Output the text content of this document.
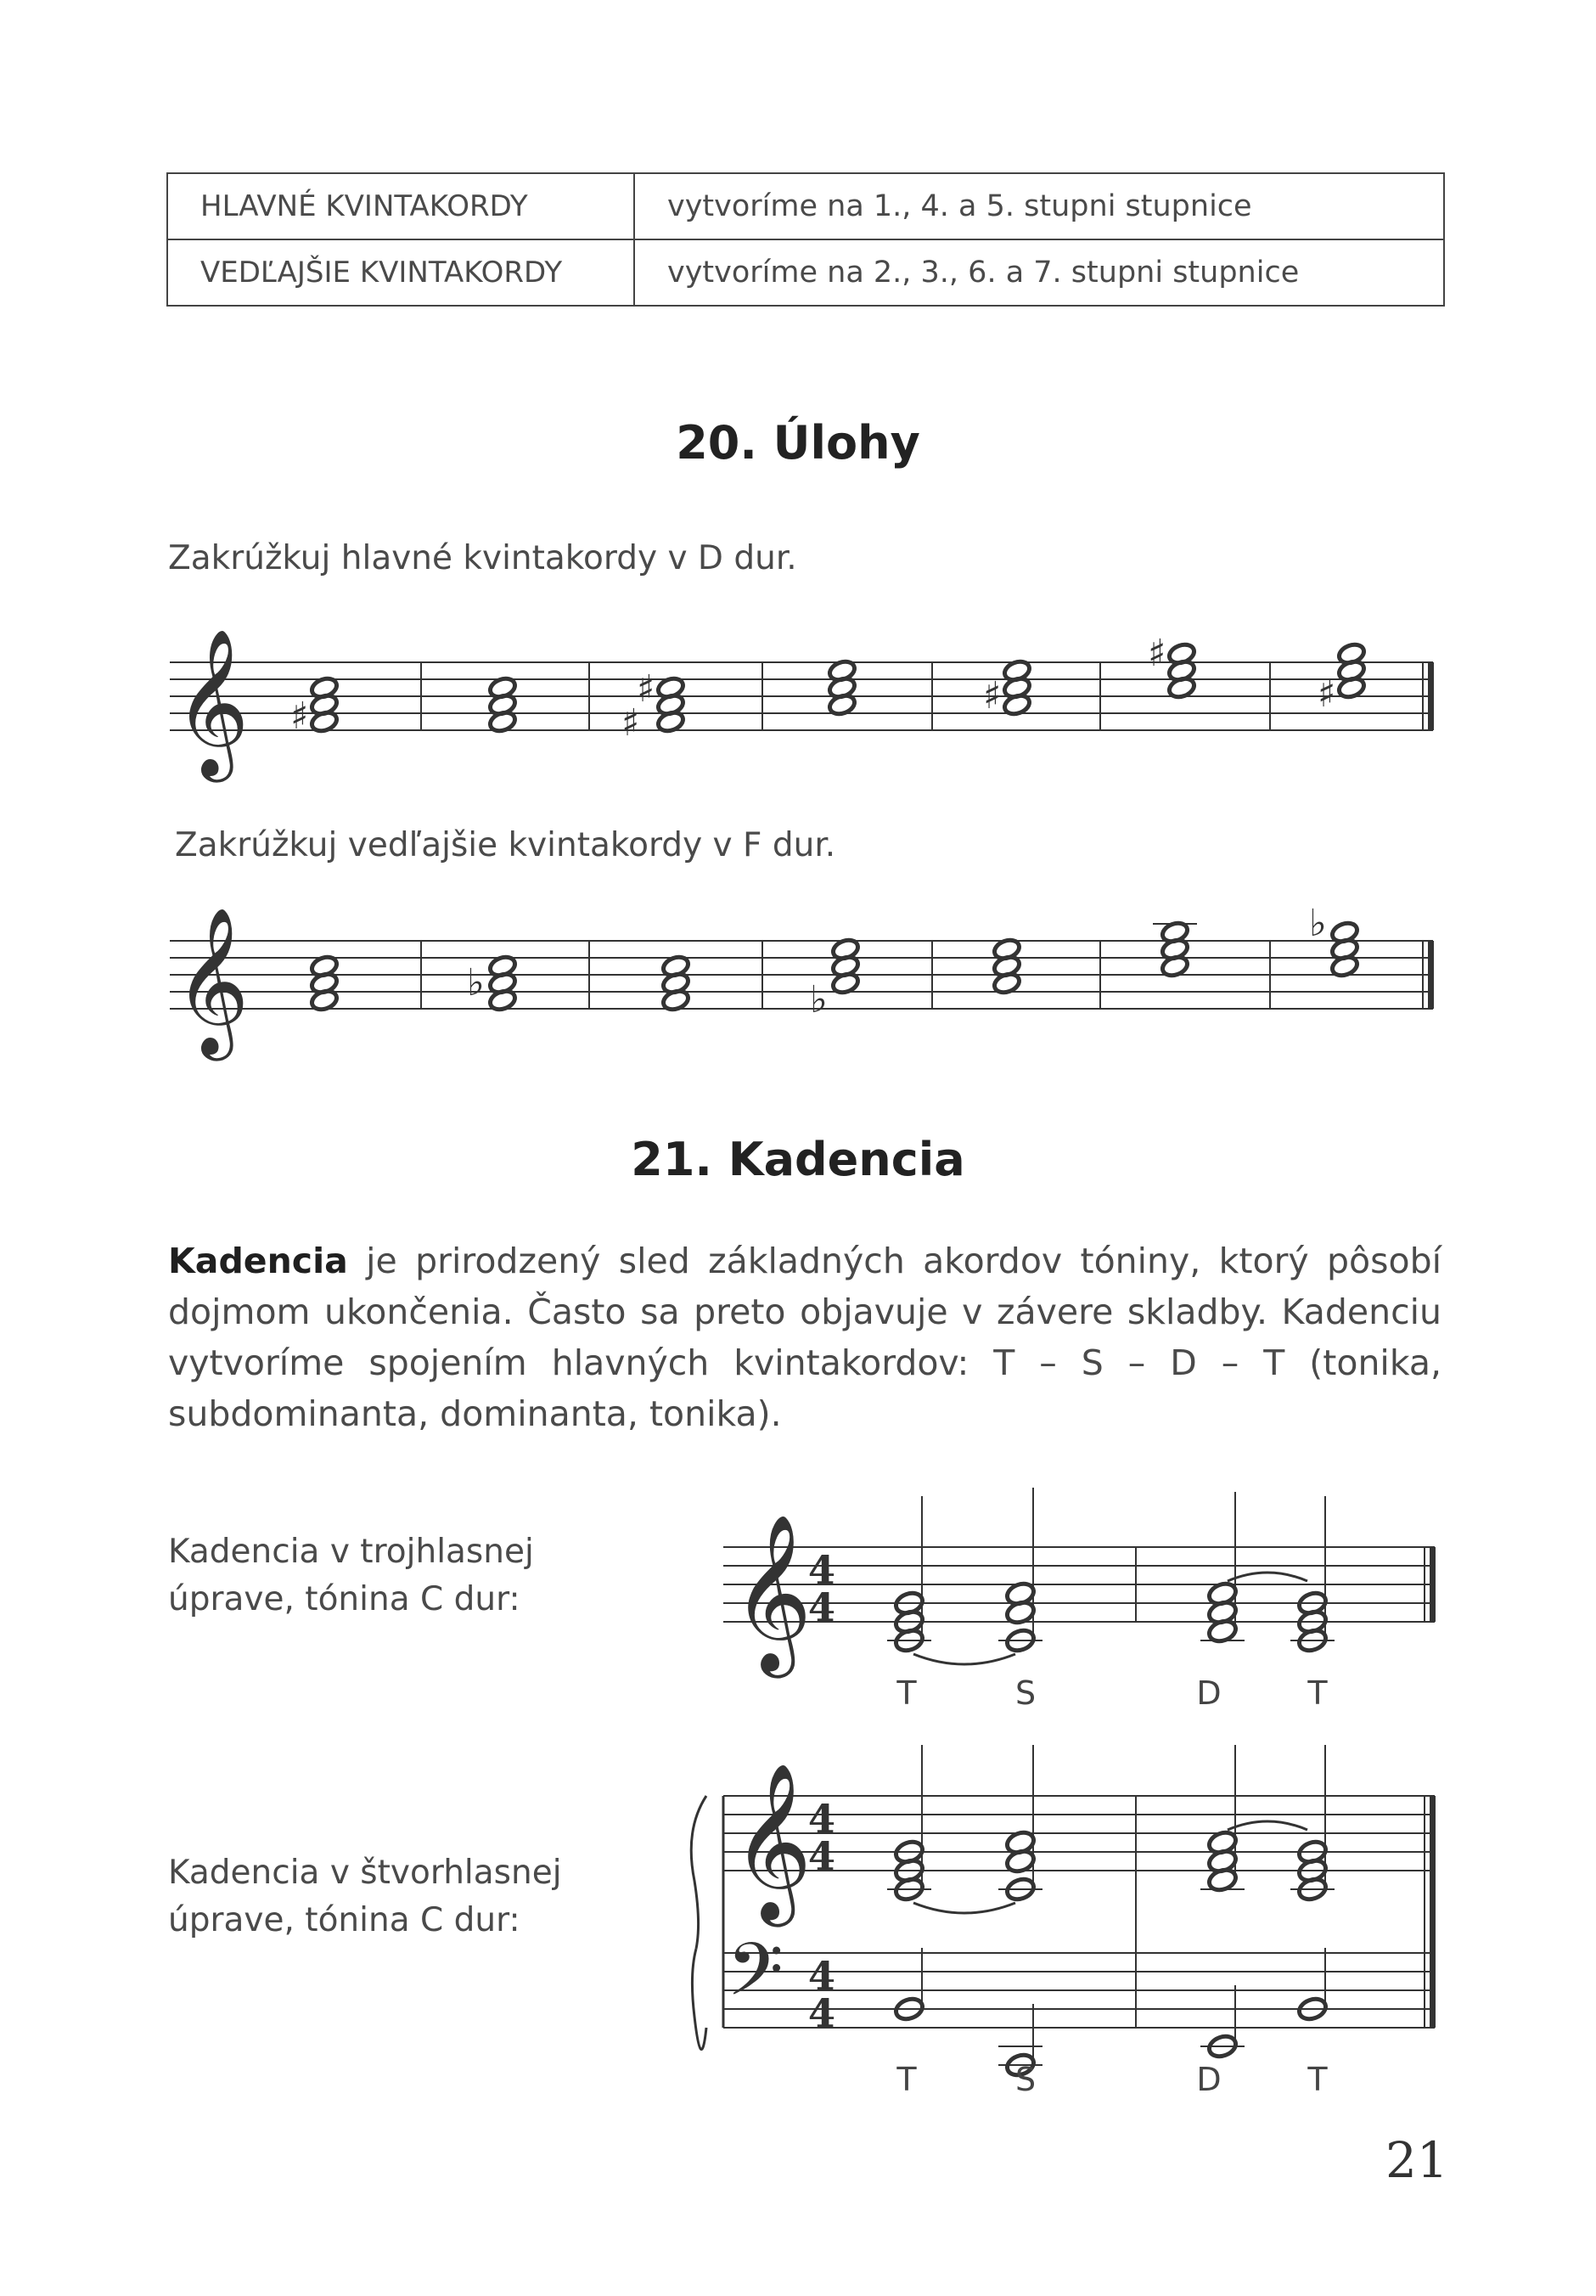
HLAVNÉ KVINTAKORDY	vytvoríme na 1., 4. a 5. stupni stupnice
VEDĽAJŠIE KVINTAKORDY	vytvoríme na 2., 3., 6. a 7. stupni stupnice
20. Úlohy

Zakrúžkuj hlavné kvintakordy v D dur.

Zakrúžkuj vedľajšie kvintakordy v F dur.

21. Kadencia

Kadencia je prirodzený sled základných akordov tóniny, ktorý pôsobí dojmom ukončenia. Často sa preto objavuje v závere skladby. Kadenciu vytvoríme spojením hlavných kvintakordov: T – S – D – T (tonika, subdominanta, dominanta, tonika).

Kadencia v trojhlasnej
úprave, tónina C dur:

Kadencia v štvorhlasnej
úprave, tónina C dur:

21
𝄞 ♯	♯
♯	♯
♯
♯
𝄞	♭	♭
♭
𝄞
4
4
T	S	D	T
𝄞
𝄢
4
4
4
4
T	S	D	T
